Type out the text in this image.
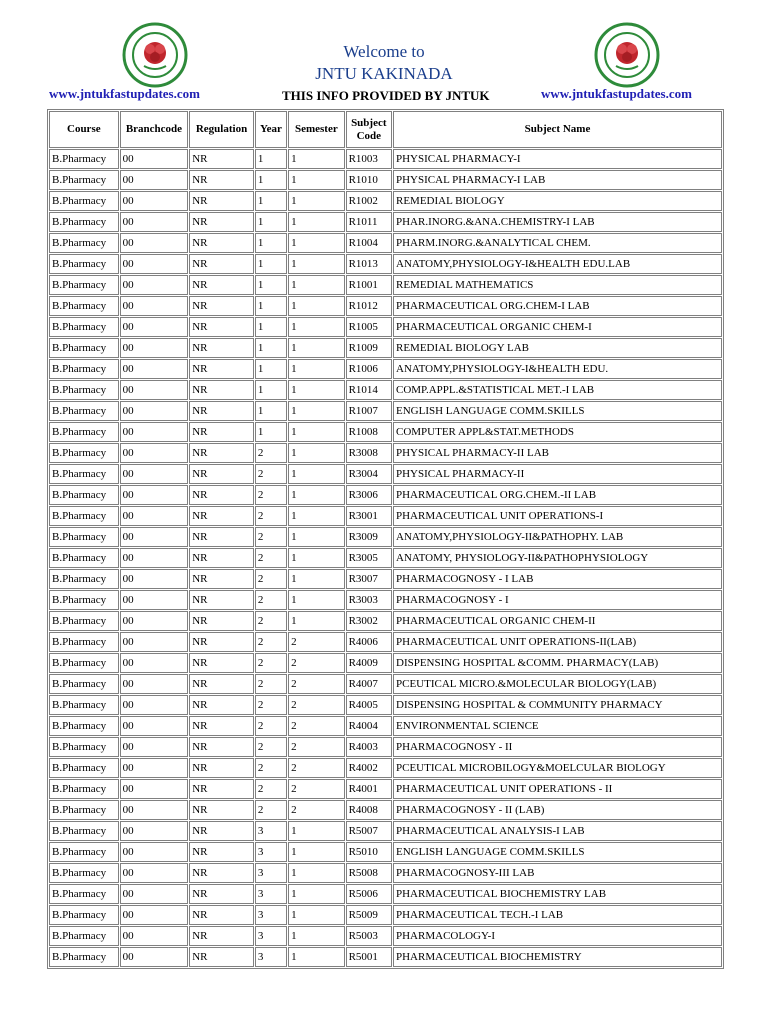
Welcome to
JNTU KAKINADA
www.jntukfastupdates.com	THIS INFO PROVIDED BY JNTUK	www.jntukfastupdates.com
Course	Branchcode	Regulation	Year	Semester	Subject Code	Subject Name
B.Pharmacy	00	NR	1	1	R1003	PHYSICAL PHARMACY-I
B.Pharmacy	00	NR	1	1	R1010	PHYSICAL PHARMACY-I LAB
B.Pharmacy	00	NR	1	1	R1002	REMEDIAL BIOLOGY
B.Pharmacy	00	NR	1	1	R1011	PHAR.INORG.&ANA.CHEMISTRY-I LAB
B.Pharmacy	00	NR	1	1	R1004	PHARM.INORG.&ANALYTICAL CHEM.
B.Pharmacy	00	NR	1	1	R1013	ANATOMY,PHYSIOLOGY-I&HEALTH EDU.LAB
B.Pharmacy	00	NR	1	1	R1001	REMEDIAL MATHEMATICS
B.Pharmacy	00	NR	1	1	R1012	PHARMACEUTICAL ORG.CHEM-I LAB
B.Pharmacy	00	NR	1	1	R1005	PHARMACEUTICAL ORGANIC CHEM-I
B.Pharmacy	00	NR	1	1	R1009	REMEDIAL BIOLOGY LAB
B.Pharmacy	00	NR	1	1	R1006	ANATOMY,PHYSIOLOGY-I&HEALTH EDU.
B.Pharmacy	00	NR	1	1	R1014	COMP.APPL.&STATISTICAL MET.-I LAB
B.Pharmacy	00	NR	1	1	R1007	ENGLISH LANGUAGE COMM.SKILLS
B.Pharmacy	00	NR	1	1	R1008	COMPUTER APPL&STAT.METHODS
B.Pharmacy	00	NR	2	1	R3008	PHYSICAL PHARMACY-II LAB
B.Pharmacy	00	NR	2	1	R3004	PHYSICAL PHARMACY-II
B.Pharmacy	00	NR	2	1	R3006	PHARMACEUTICAL ORG.CHEM.-II LAB
B.Pharmacy	00	NR	2	1	R3001	PHARMACEUTICAL UNIT OPERATIONS-I
B.Pharmacy	00	NR	2	1	R3009	ANATOMY,PHYSIOLOGY-II&PATHOPHY. LAB
B.Pharmacy	00	NR	2	1	R3005	ANATOMY, PHYSIOLOGY-II&PATHOPHYSIOLOGY
B.Pharmacy	00	NR	2	1	R3007	PHARMACOGNOSY - I LAB
B.Pharmacy	00	NR	2	1	R3003	PHARMACOGNOSY - I
B.Pharmacy	00	NR	2	1	R3002	PHARMACEUTICAL ORGANIC CHEM-II
B.Pharmacy	00	NR	2	2	R4006	PHARMACEUTICAL UNIT OPERATIONS-II(LAB)
B.Pharmacy	00	NR	2	2	R4009	DISPENSING HOSPITAL &COMM. PHARMACY(LAB)
B.Pharmacy	00	NR	2	2	R4007	PCEUTICAL MICRO.&MOLECULAR BIOLOGY(LAB)
B.Pharmacy	00	NR	2	2	R4005	DISPENSING HOSPITAL & COMMUNITY PHARMACY
B.Pharmacy	00	NR	2	2	R4004	ENVIRONMENTAL SCIENCE
B.Pharmacy	00	NR	2	2	R4003	PHARMACOGNOSY - II
B.Pharmacy	00	NR	2	2	R4002	PCEUTICAL MICROBILOGY&MOELCULAR BIOLOGY
B.Pharmacy	00	NR	2	2	R4001	PHARMACEUTICAL UNIT OPERATIONS - II
B.Pharmacy	00	NR	2	2	R4008	PHARMACOGNOSY - II (LAB)
B.Pharmacy	00	NR	3	1	R5007	PHARMACEUTICAL ANALYSIS-I LAB
B.Pharmacy	00	NR	3	1	R5010	ENGLISH LANGUAGE COMM.SKILLS
B.Pharmacy	00	NR	3	1	R5008	PHARMACOGNOSY-III LAB
B.Pharmacy	00	NR	3	1	R5006	PHARMACEUTICAL BIOCHEMISTRY LAB
B.Pharmacy	00	NR	3	1	R5009	PHARMACEUTICAL TECH.-I LAB
B.Pharmacy	00	NR	3	1	R5003	PHARMACOLOGY-I
B.Pharmacy	00	NR	3	1	R5001	PHARMACEUTICAL BIOCHEMISTRY
